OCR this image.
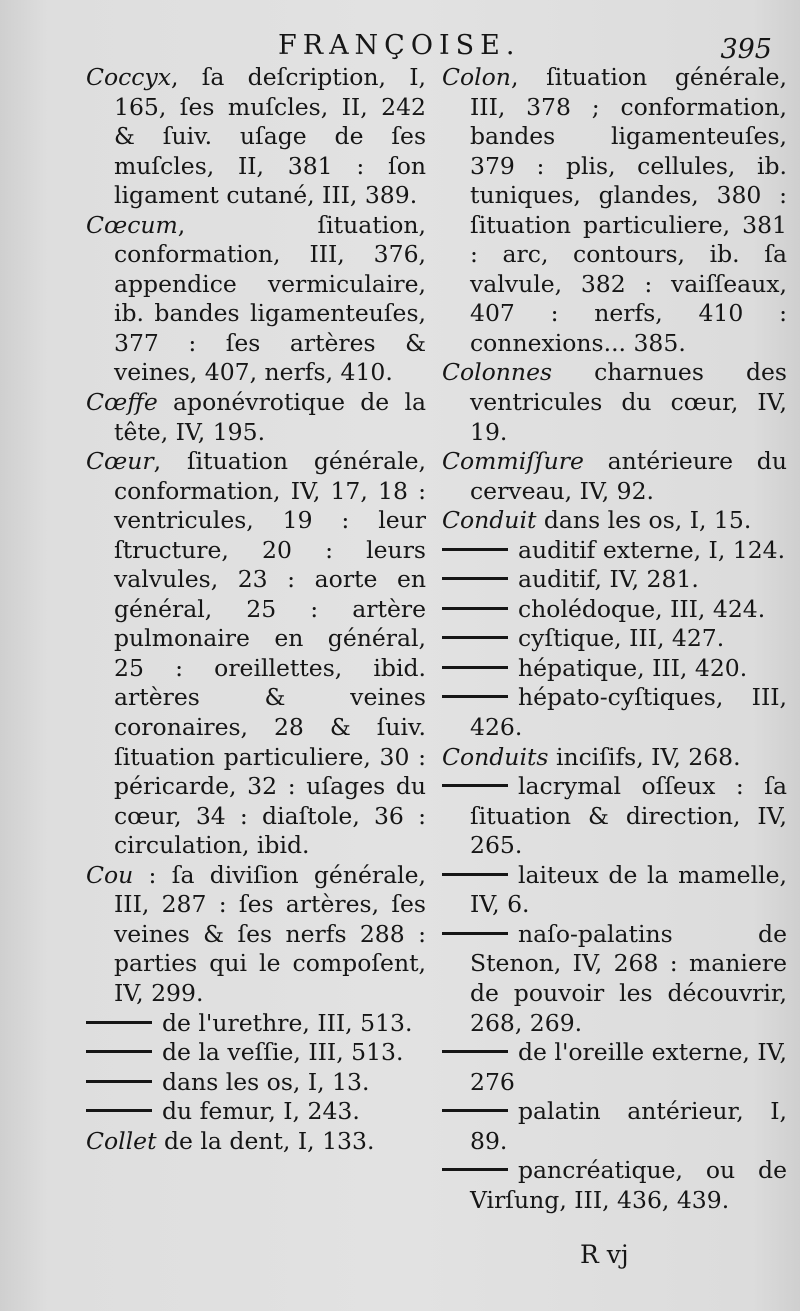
FRANÇOISE.	395
Coccyx, ſa deſcription, I, 165, ſes muſcles, II, 242 & ſuiv. uſage de ſes muſcles, II, 381 : ſon ligament cutané, III, 389.
Cœcum, ſituation, conformation, III, 376, appendice vermiculaire, ib. bandes ligamenteuſes, 377 : ſes artères & veines, 407, nerfs, 410.
Cœffe aponévrotique de la tête, IV, 195.
Cœur, ſituation générale, conformation, IV, 17, 18 : ventricules, 19 : leur ſtructure, 20 : leurs valvules, 23 : aorte en général, 25 : artère pulmonaire en général, 25 : oreillettes, ibid. artères & veines coronaires, 28 & ſuiv. ſituation particuliere, 30 : péricarde, 32 : uſages du cœur, 34 : diaſtole, 36 : circulation, ibid.
Cou : ſa diviſion générale, III, 287 : ſes artères, ſes veines & ſes nerfs 288 : parties qui le compoſent, IV, 299.
de l'urethre, III, 513.
de la veſſie, III, 513.
dans les os, I, 13.
du femur, I, 243.
Collet de la dent, I, 133.
Colon, ſituation générale, III, 378 ; conformation, bandes ligamenteuſes, 379 : plis, cellules, ib. tuniques, glandes, 380 : ſituation particuliere, 381 : arc, contours, ib. ſa valvule, 382 : vaiſſeaux, 407 : nerfs, 410 : connexions... 385.
Colonnes charnues des ventricules du cœur, IV, 19.
Commiſſure antérieure du cerveau, IV, 92.
Conduit dans les os, I, 15.
auditif externe, I, 124.
auditif, IV, 281.
cholédoque, III, 424.
cyſtique, III, 427.
hépatique, III, 420.
hépato-cyſtiques, III, 426.
Conduits inciſifs, IV, 268.
lacrymal oſſeux : ſa ſituation & direction, IV, 265.
laiteux de la mamelle, IV, 6.
naſo-palatins de Stenon, IV, 268 : maniere de pouvoir les découvrir, 268, 269.
de l'oreille externe, IV, 276
palatin antérieur, I, 89.
pancréatique, ou de Virſung, III, 436, 439.
R vj
